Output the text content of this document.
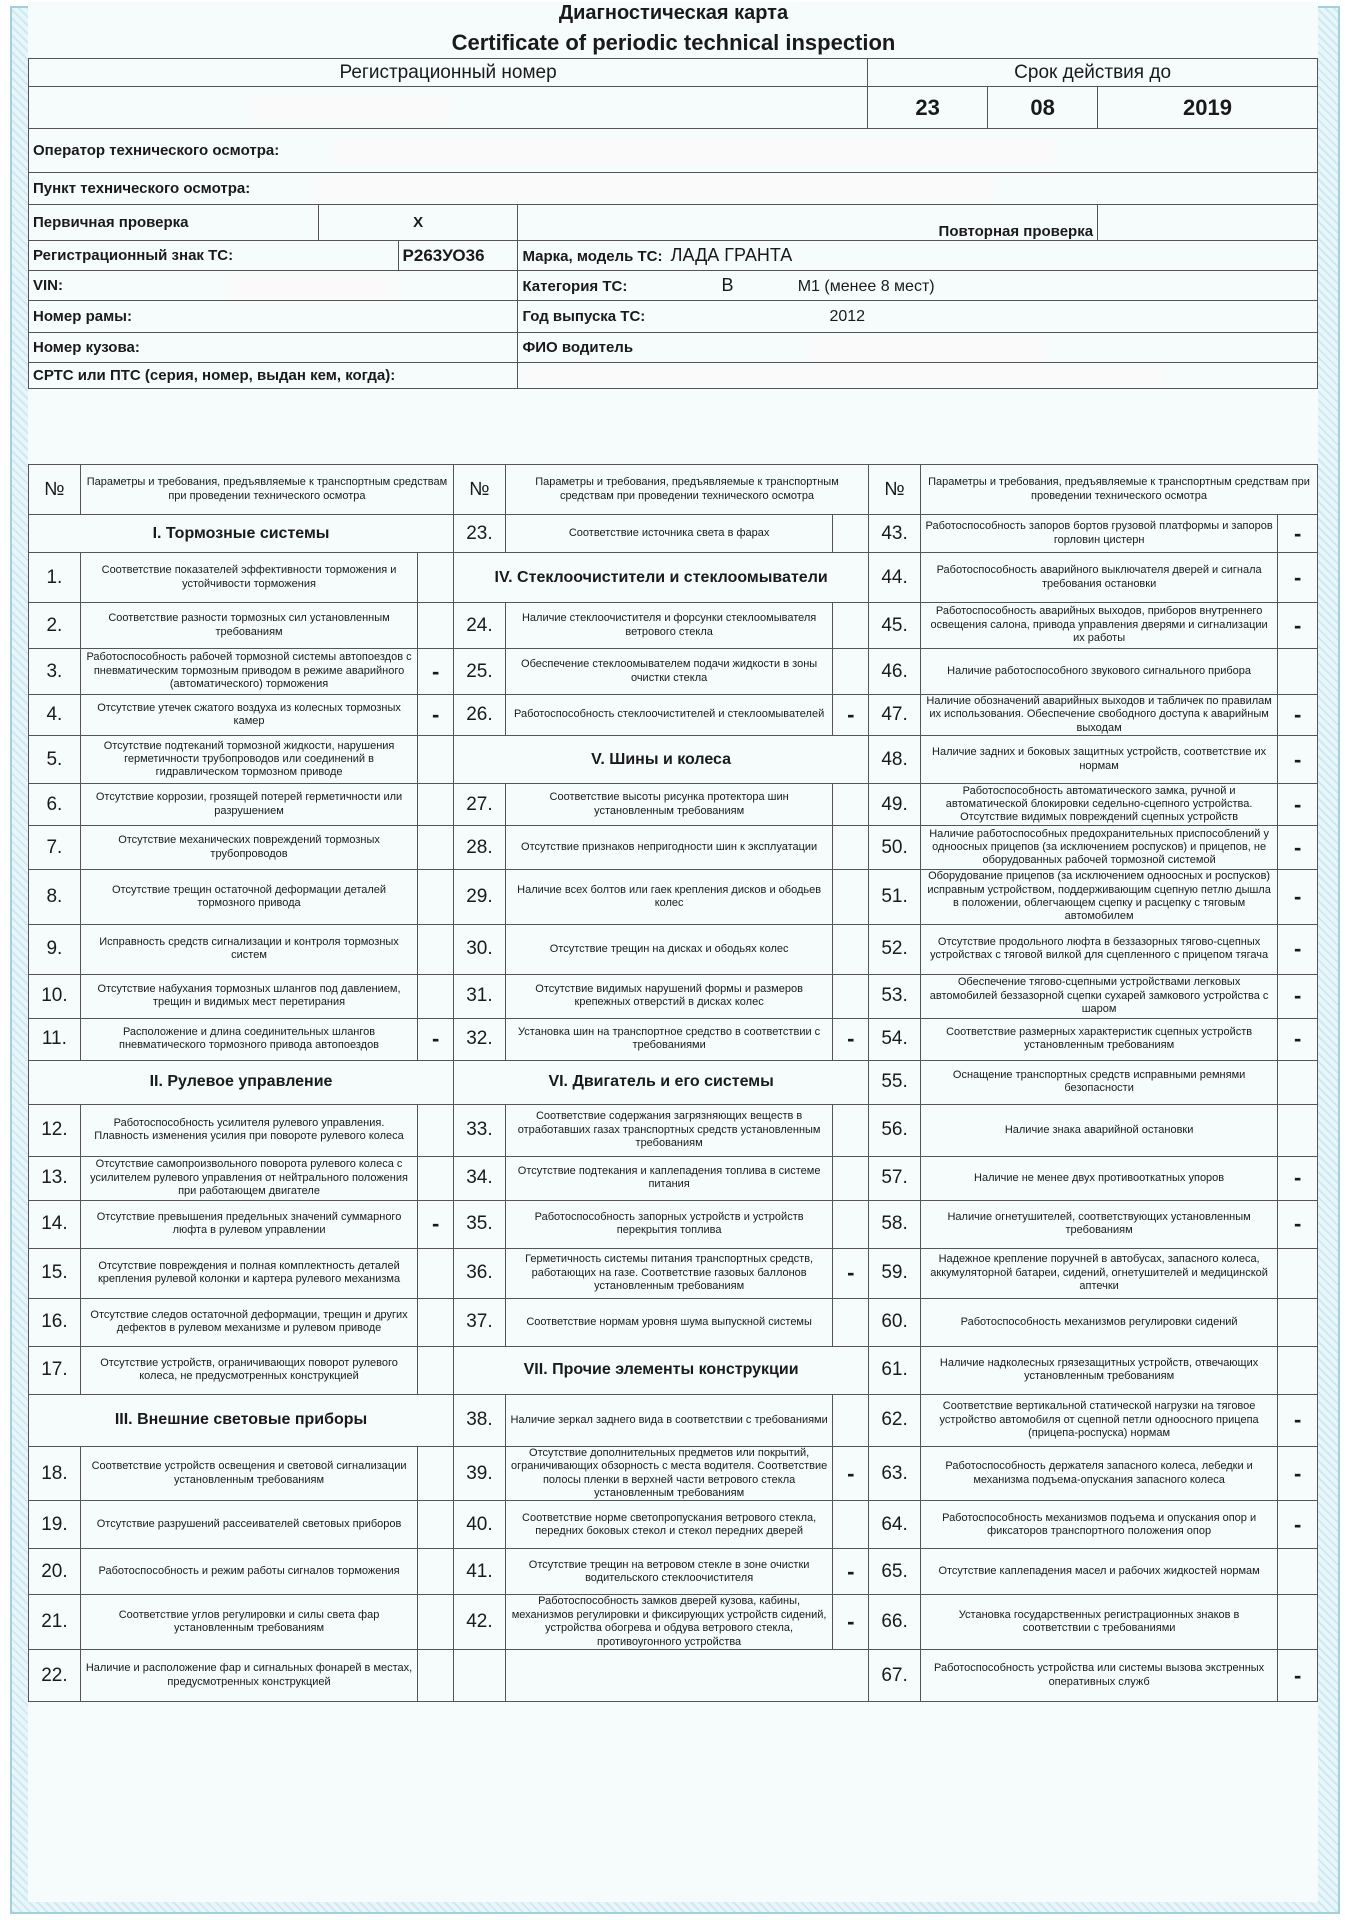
Диагностическая карта
Certificate of periodic technical inspection
Регистрационный номер				Срок действия до		
				23	08	2019
Оператор технического осмотра:						
Пункт технического осмотра:						
Первичная проверка	X		Повторная проверка			
Регистрационный знак ТС:		Р263УО36	Марка, модель ТС: ЛАДА ГРАНТА			
VIN:			Категория ТС: B M1 (менее 8 мест)			
Номер рамы:			Год выпуска ТС: 2012			
Номер кузова:			ФИО водитель			
СРТС или ПТС (серия, номер, выдан кем, когда):						
№	Параметры и требования, предъявляемые к транспортным средствам при проведении технического осмотра		№	Параметры и требования, предъявляемые к транспортным средствам при проведении технического осмотра		№	Параметры и требования, предъявляемые к транспортным средствам при проведении технического осмотра	
I. Тормозные системы			23.	Соответствие источника света в фарах		43.	Работоспособность запоров бортов грузовой платформы и запоров горловин цистерн	-
1.	Соответствие показателей эффективности торможения и устойчивости торможения		IV. Стеклоочистители и стеклоомыватели			44.	Работоспособность аварийного выключателя дверей и сигнала требования остановки	-
2.	Соответствие разности тормозных сил установленным требованиям		24.	Наличие стеклоочистителя и форсунки стеклоомывателя ветрового стекла		45.	Работоспособность аварийных выходов, приборов внутреннего освещения салона, привода управления дверями и сигнализации их работы	-
3.	Работоспособность рабочей тормозной системы автопоездов с пневматическим тормозным приводом в режиме аварийного (автоматического) торможения	-	25.	Обеспечение стеклоомывателем подачи жидкости в зоны очистки стекла		46.	Наличие работоспособного звукового сигнального прибора	
4.	Отсутствие утечек сжатого воздуха из колесных тормозных камер	-	26.	Работоспособность стеклоочистителей и стеклоомывателей	-	47.	Наличие обозначений аварийных выходов и табличек по правилам их использования. Обеспечение свободного доступа к аварийным выходам	-
5.	Отсутствие подтеканий тормозной жидкости, нарушения герметичности трубопроводов или соединений в гидравлическом тормозном приводе		V. Шины и колеса			48.	Наличие задних и боковых защитных устройств, соответствие их нормам	-
6.	Отсутствие коррозии, грозящей потерей герметичности или разрушением		27.	Соответствие высоты рисунка протектора шин установленным требованиям		49.	Работоспособность автоматического замка, ручной и автоматической блокировки седельно-сцепного устройства. Отсутствие видимых повреждений сцепных устройств	-
7.	Отсутствие механических повреждений тормозных трубопроводов		28.	Отсутствие признаков непригодности шин к эксплуатации		50.	Наличие работоспособных предохранительных приспособлений у одноосных прицепов (за исключением роспусков) и прицепов, не оборудованных рабочей тормозной системой	-
8.	Отсутствие трещин остаточной деформации деталей тормозного привода		29.	Наличие всех болтов или гаек крепления дисков и ободьев колес		51.	Оборудование прицепов (за исключением одноосных и роспусков) исправным устройством, поддерживающим сцепную петлю дышла в положении, облегчающем сцепку и расцепку с тяговым автомобилем	-
9.	Исправность средств сигнализации и контроля тормозных систем		30.	Отсутствие трещин на дисках и ободьях колес		52.	Отсутствие продольного люфта в беззазорных тягово-сцепных устройствах с тяговой вилкой для сцепленного с прицепом тягача	-
10.	Отсутствие набухания тормозных шлангов под давлением, трещин и видимых мест перетирания		31.	Отсутствие видимых нарушений формы и размеров крепежных отверстий в дисках колес		53.	Обеспечение тягово-сцепными устройствами легковых автомобилей беззазорной сцепки сухарей замкового устройства с шаром	-
11.	Расположение и длина соединительных шлангов пневматического тормозного привода автопоездов	-	32.	Установка шин на транспортное средство в соответствии с требованиями	-	54.	Соответствие размерных характеристик сцепных устройств установленным требованиям	-
II. Рулевое управление			VI. Двигатель и его системы			55.	Оснащение транспортных средств исправными ремнями безопасности	
12.	Работоспособность усилителя рулевого управления. Плавность изменения усилия при повороте рулевого колеса		33.	Соответствие содержания загрязняющих веществ в отработавших газах транспортных средств установленным требованиям		56.	Наличие знака аварийной остановки	
13.	Отсутствие самопроизвольного поворота рулевого колеса с усилителем рулевого управления от нейтрального положения при работающем двигателе		34.	Отсутствие подтекания и каплепадения топлива в системе питания		57.	Наличие не менее двух противооткатных упоров	-
14.	Отсутствие превышения предельных значений суммарного люфта в рулевом управлении	-	35.	Работоспособность запорных устройств и устройств перекрытия топлива		58.	Наличие огнетушителей, соответствующих установленным требованиям	-
15.	Отсутствие повреждения и полная комплектность деталей крепления рулевой колонки и картера рулевого механизма		36.	Герметичность системы питания транспортных средств, работающих на газе. Соответствие газовых баллонов установленным требованиям	-	59.	Надежное крепление поручней в автобусах, запасного колеса, аккумуляторной батареи, сидений, огнетушителей и медицинской аптечки	
16.	Отсутствие следов остаточной деформации, трещин и других дефектов в рулевом механизме и рулевом приводе		37.	Соответствие нормам уровня шума выпускной системы		60.	Работоспособность механизмов регулировки сидений	
17.	Отсутствие устройств, ограничивающих поворот рулевого колеса, не предусмотренных конструкцией		VII. Прочие элементы конструкции			61.	Наличие надколесных грязезащитных устройств, отвечающих установленным требованиям	
III. Внешние световые приборы			38.	Наличие зеркал заднего вида в соответствии с требованиями		62.	Соответствие вертикальной статической нагрузки на тяговое устройство автомобиля от сцепной петли одноосного прицепа (прицепа-роспуска) нормам	-
18.	Соответствие устройств освещения и световой сигнализации установленным требованиям		39.	Отсутствие дополнительных предметов или покрытий, ограничивающих обзорность с места водителя. Соответствие полосы пленки в верхней части ветрового стекла установленным требованиям	-	63.	Работоспособность держателя запасного колеса, лебедки и механизма подъема-опускания запасного колеса	-
19.	Отсутствие разрушений рассеивателей световых приборов		40.	Соответствие норме светопропускания ветрового стекла, передних боковых стекол и стекол передних дверей		64.	Работоспособность механизмов подъема и опускания опор и фиксаторов транспортного положения опор	-
20.	Работоспособность и режим работы сигналов торможения		41.	Отсутствие трещин на ветровом стекле в зоне очистки водительского стеклоочистителя	-	65.	Отсутствие каплепадения масел и рабочих жидкостей нормам	
21.	Соответствие углов регулировки и силы света фар установленным требованиям		42.	Работоспособность замков дверей кузова, кабины, механизмов регулировки и фиксирующих устройств сидений, устройства обогрева и обдува ветрового стекла, противоугонного устройства	-	66.	Установка государственных регистрационных знаков в соответствии с требованиями	
22.	Наличие и расположение фар и сигнальных фонарей в местах, предусмотренных конструкцией					67.	Работоспособность устройства или системы вызова экстренных оперативных служб	-
